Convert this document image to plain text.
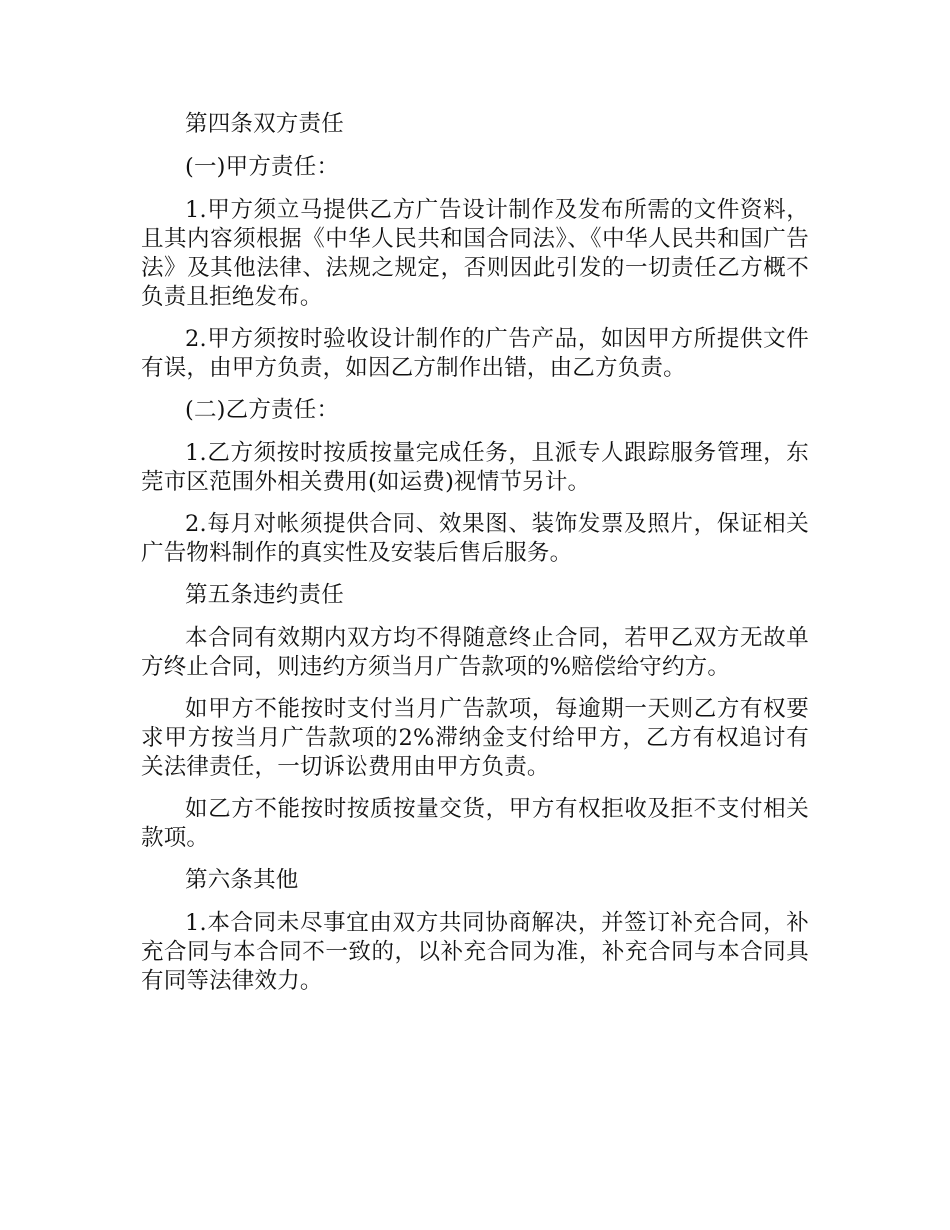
第四条双方责任

(一)甲方责任：

1.甲方须立马提供乙方广告设计制作及发布所需的文件资料，且其内容须根据《中华人民共和国合同法》、《中华人民共和国广告法》及其他法律、法规之规定，否则因此引发的一切责任乙方概不负责且拒绝发布。

2.甲方须按时验收设计制作的广告产品，如因甲方所提供文件有误，由甲方负责，如因乙方制作出错，由乙方负责。

(二)乙方责任：

1.乙方须按时按质按量完成任务，且派专人跟踪服务管理，东莞市区范围外相关费用(如运费)视情节另计。

2.每月对帐须提供合同、效果图、装饰发票及照片，保证相关广告物料制作的真实性及安装后售后服务。

第五条违约责任

本合同有效期内双方均不得随意终止合同，若甲乙双方无故单方终止合同，则违约方须当月广告款项的%赔偿给守约方。

如甲方不能按时支付当月广告款项，每逾期一天则乙方有权要求甲方按当月广告款项的2%滞纳金支付给甲方，乙方有权追讨有关法律责任，一切诉讼费用由甲方负责。

如乙方不能按时按质按量交货，甲方有权拒收及拒不支付相关款项。

第六条其他

1.本合同未尽事宜由双方共同协商解决，并签订补充合同，补充合同与本合同不一致的，以补充合同为准，补充合同与本合同具有同等法律效力。
